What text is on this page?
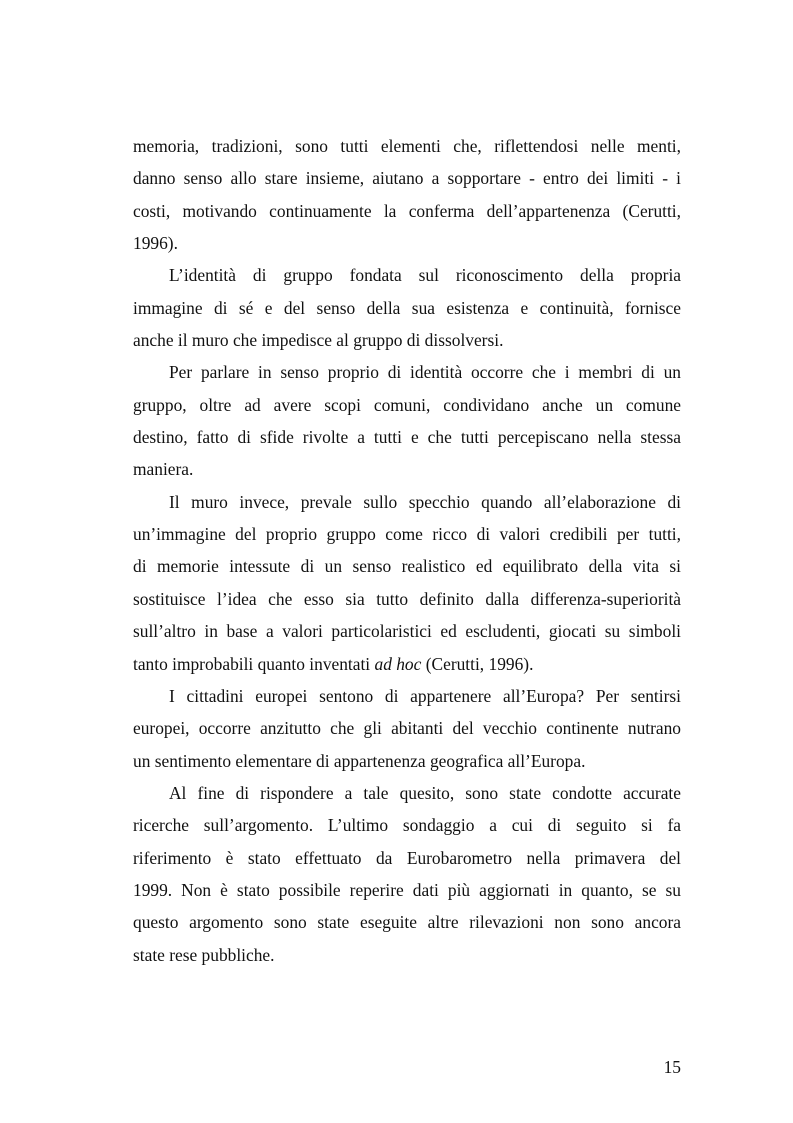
memoria, tradizioni, sono tutti elementi che, riflettendosi nelle menti,
danno senso allo stare insieme, aiutano a sopportare - entro dei limiti - i
costi, motivando continuamente la conferma dell’appartenenza (Cerutti,
1996).
L’identità di gruppo fondata sul riconoscimento della propria
immagine di sé e del senso della sua esistenza e continuità, fornisce
anche il muro che impedisce al gruppo di dissolversi.
Per parlare in senso proprio di identità occorre che i membri di un
gruppo, oltre ad avere scopi comuni, condividano anche un comune
destino, fatto di sfide rivolte a tutti e che tutti percepiscano nella stessa
maniera.
Il muro invece, prevale sullo specchio quando all’elaborazione di
un’immagine del proprio gruppo come ricco di valori credibili per tutti,
di memorie intessute di un senso realistico ed equilibrato della vita si
sostituisce l’idea che esso sia tutto definito dalla differenza-superiorità
sull’altro in base a valori particolaristici ed escludenti, giocati su simboli
tanto improbabili quanto inventati ad hoc (Cerutti, 1996).
I cittadini europei sentono di appartenere all’Europa? Per sentirsi
europei, occorre anzitutto che gli abitanti del vecchio continente nutrano
un sentimento elementare di appartenenza geografica all’Europa.
Al fine di rispondere a tale quesito, sono state condotte accurate
ricerche sull’argomento. L’ultimo sondaggio a cui di seguito si fa
riferimento è stato effettuato da Eurobarometro nella primavera del
1999. Non è stato possibile reperire dati più aggiornati in quanto, se su
questo argomento sono state eseguite altre rilevazioni non sono ancora
state rese pubbliche.
15
